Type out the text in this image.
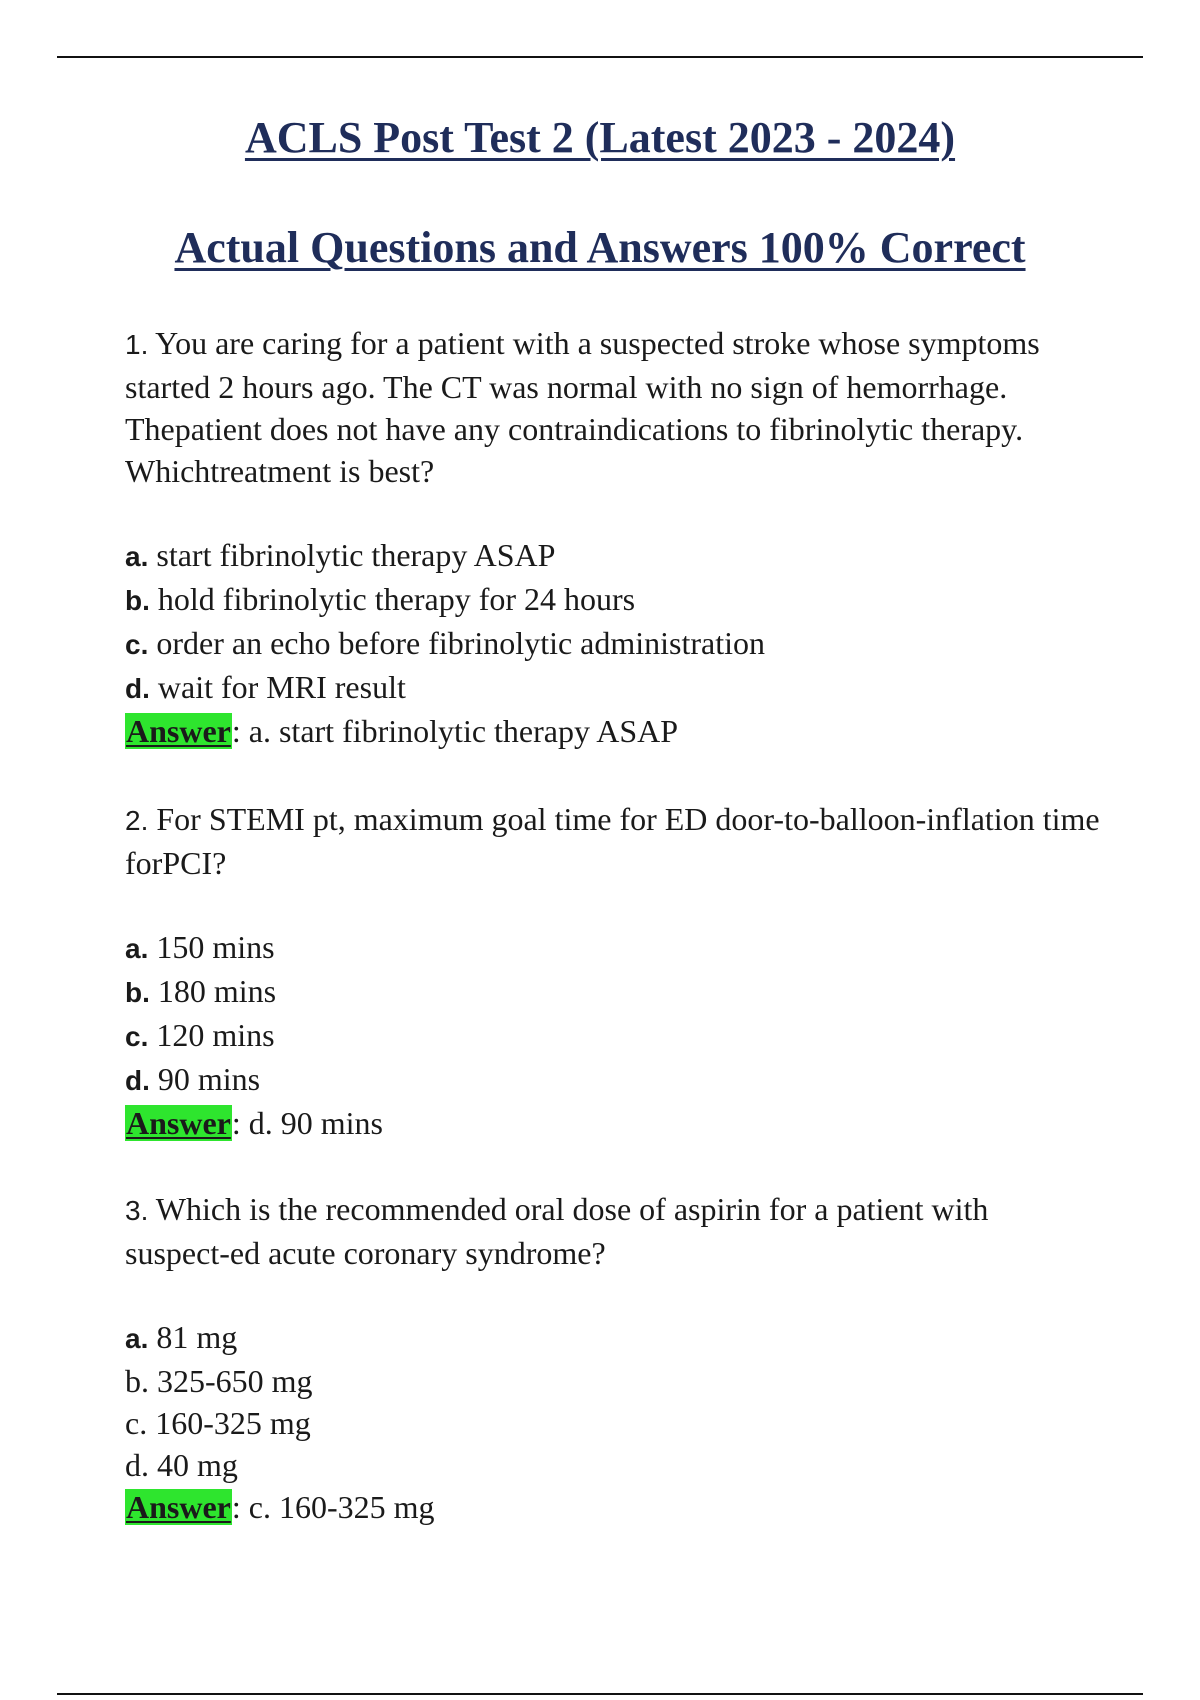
ACLS Post Test 2 (Latest 2023 - 2024)
Actual Questions and Answers 100% Correct

1. You are caring for a patient with a suspected stroke whose symptoms started 2 hours ago. The CT was normal with no sign of hemorrhage. Thepatient does not have any contraindications to fibrinolytic therapy. Whichtreatment is best?

a. start fibrinolytic therapy ASAP

b. hold fibrinolytic therapy for 24 hours

c. order an echo before fibrinolytic administration

d. wait for MRI result

Answer: a. start fibrinolytic therapy ASAP

2. For STEMI pt, maximum goal time for ED door-to-balloon-inflation time forPCI?

a. 150 mins

b. 180 mins

c. 120 mins

d. 90 mins

Answer: d. 90 mins

3. Which is the recommended oral dose of aspirin for a patient with suspect-ed acute coronary syndrome?

a. 81 mg

b. 325-650 mg

c. 160-325 mg

d. 40 mg

Answer: c. 160-325 mg
